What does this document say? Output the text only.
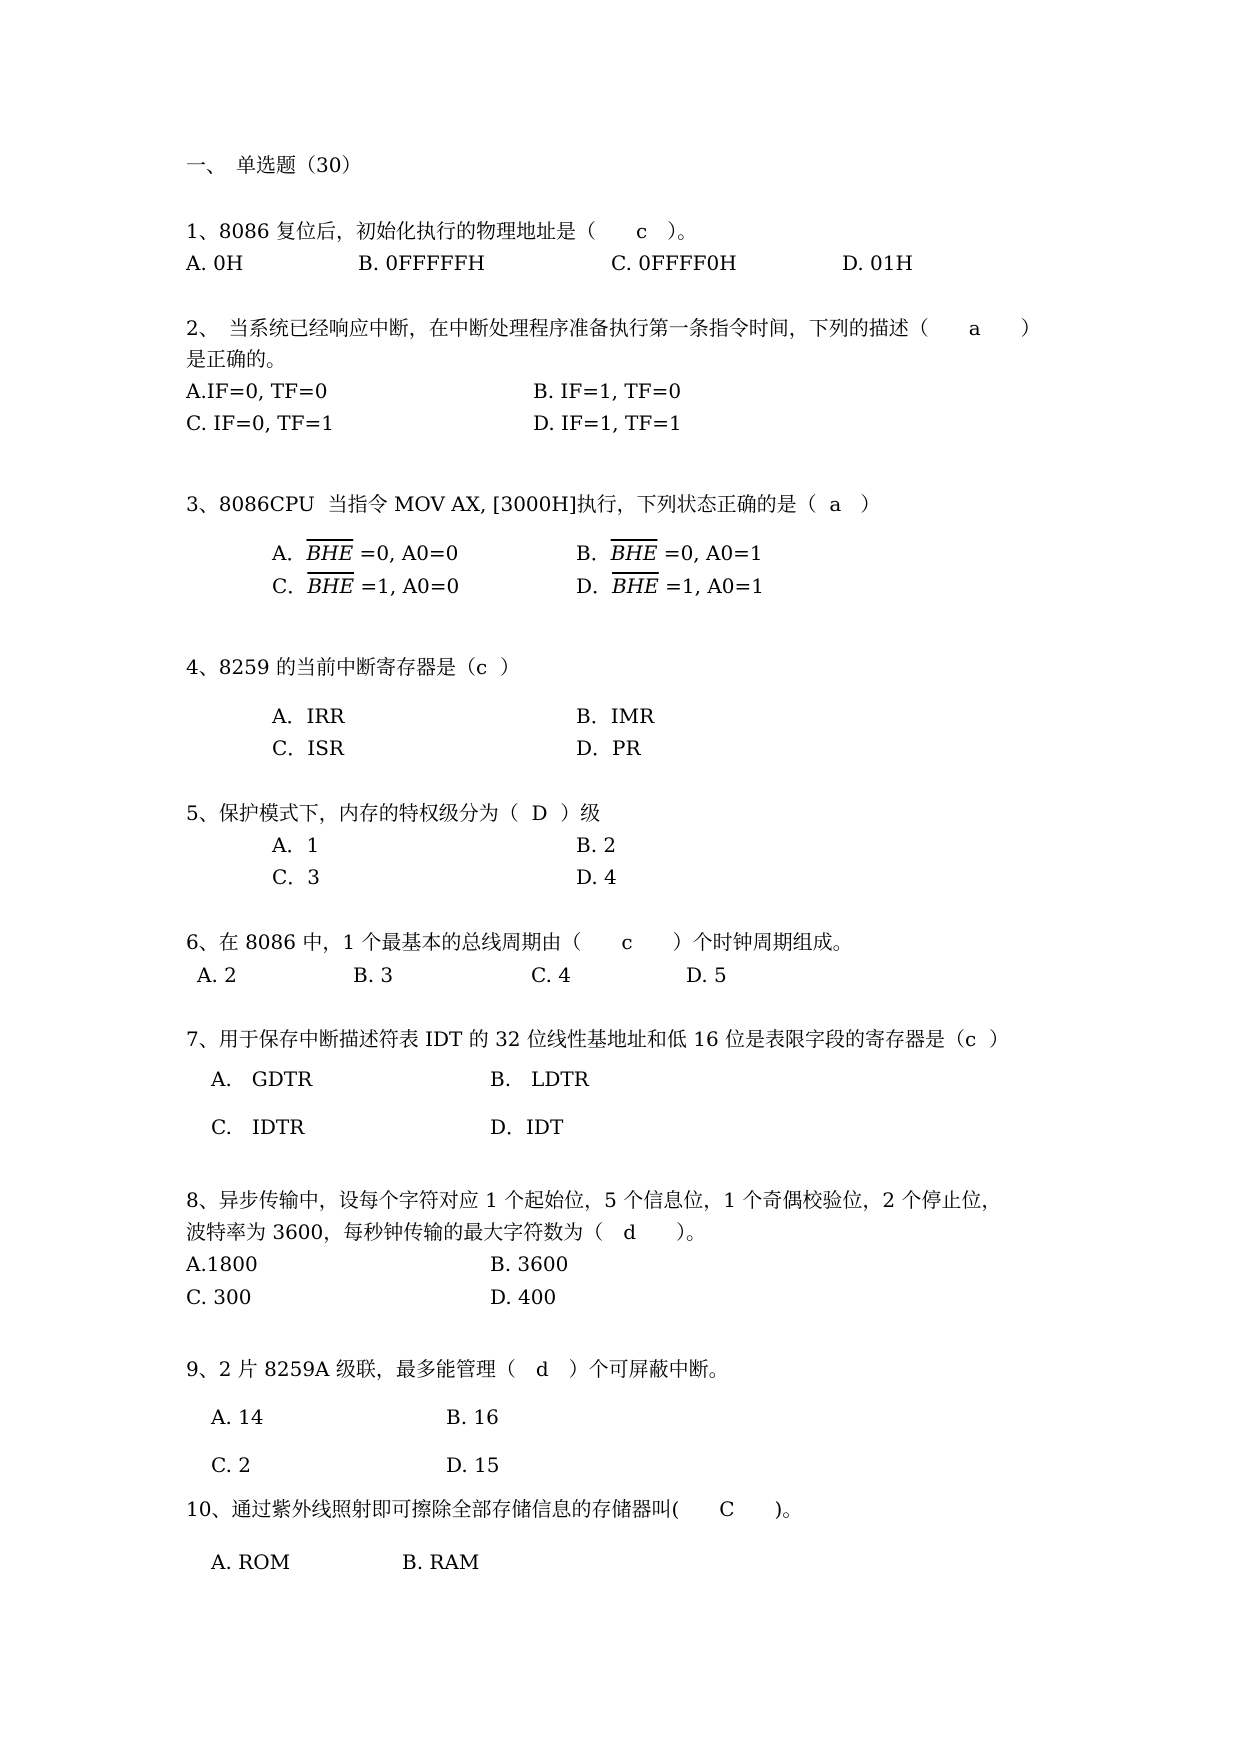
一、　单选题（30）
1、8086 复位后，初始化执行的物理地址是（　　c　）。
A. 0H	B. 0FFFFFH	C. 0FFFF0H	D. 01H
2、　当系统已经响应中断，在中断处理程序准备执行第一条指令时间，下列的描述（　　a　　）
是正确的。
A.IF=0, TF=0	B. IF=1, TF=0
C. IF=0, TF=1	D. IF=1, TF=1
3、8086CPU  当指令 MOV AX, [3000H]执行，下列状态正确的是（  a   ）
A．$\overline{BHE} =0$, A0=0	B．$\overline{BHE} =0$, A0=1
C．$\overline{BHE} =1$, A0=0	D．$\overline{BHE} =1$, A0=1
4、8259 的当前中断寄存器是（c  ）
A．IRR	B．IMR
C．ISR	D．PR
5、保护模式下，内存的特权级分为（  D  ）级
A．1	B. 2
C．3	D. 4
6、在 8086 中，1 个最基本的总线周期由（　　c　　）个时钟周期组成。
A. 2	B. 3	C. 4	D. 5
7、用于保存中断描述符表 IDT 的 32 位线性基地址和低 16 位是表限字段的寄存器是（c  ）
A.　GDTR	B.　LDTR
C.　IDTR	D．IDT
8、异步传输中，设每个字符对应 1 个起始位，5 个信息位，1 个奇偶校验位，2 个停止位，
波特率为 3600，每秒钟传输的最大字符数为（　d　　）。
A.1800	B. 3600
C. 300	D. 400
9、2 片 8259A 级联，最多能管理（　d　）个可屏蔽中断。
A. 14	B. 16
C. 2	D. 15
10、通过紫外线照射即可擦除全部存储信息的存储器叫(　　C　　)。
A. ROM	B. RAM
